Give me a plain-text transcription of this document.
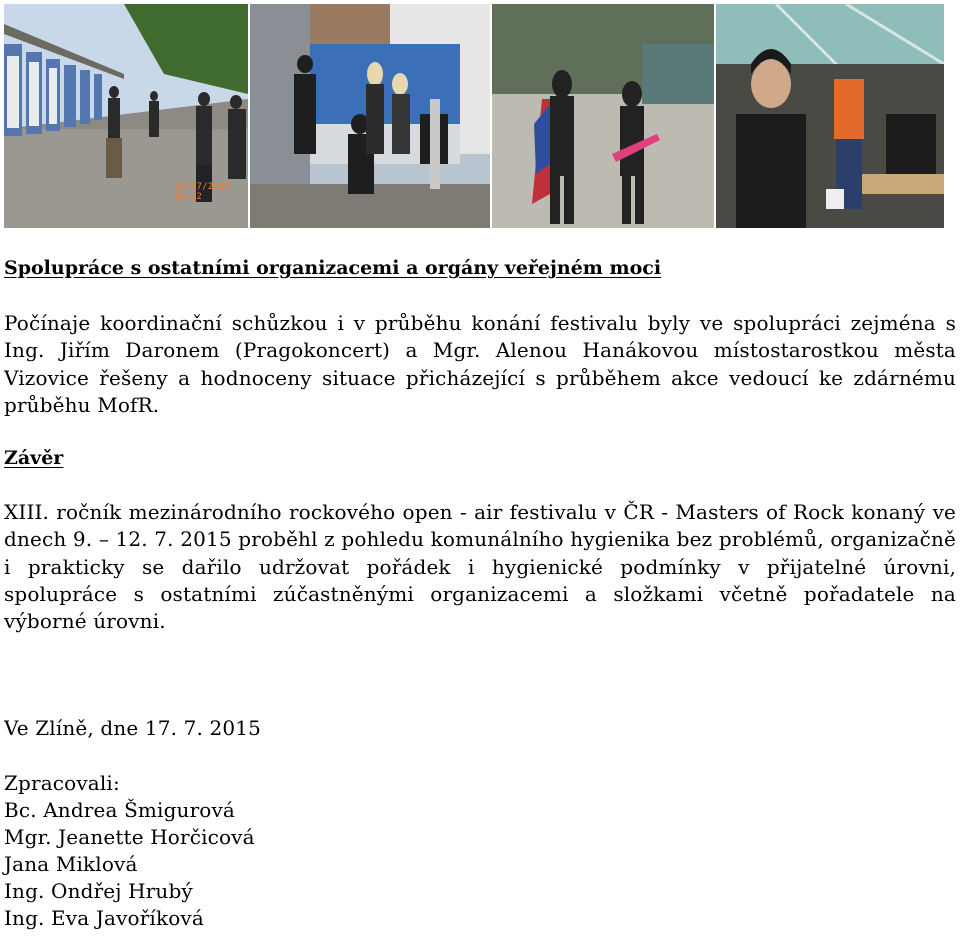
10/07/2015 09:22
Spolupráce s ostatními organizacemi a orgány veřejném moci
Počínaje koordinační schůzkou i v průběhu konání festivalu byly ve spolupráci zejména s Ing. Jiřím Daronem (Pragokoncert) a Mgr. Alenou Hanákovou místostarostkou města Vizovice řešeny a hodnoceny situace přicházející s průběhem akce vedoucí ke zdárnému průběhu MofR.
Závěr
XIII. ročník mezinárodního rockového open - air festivalu v ČR - Masters of Rock konaný ve dnech 9. – 12. 7. 2015 proběhl z pohledu komunálního hygienika bez problémů, organizačně i prakticky se dařilo udržovat pořádek i hygienické podmínky v přijatelné úrovni, spolupráce s ostatními zúčastněnými organizacemi a složkami včetně pořadatele na výborné úrovni.
Ve Zlíně, dne 17. 7. 2015
Zpracovali:
Bc. Andrea Šmigurová
Mgr. Jeanette Horčicová
Jana Miklová
Ing. Ondřej Hrubý
Ing. Eva Javoříková
